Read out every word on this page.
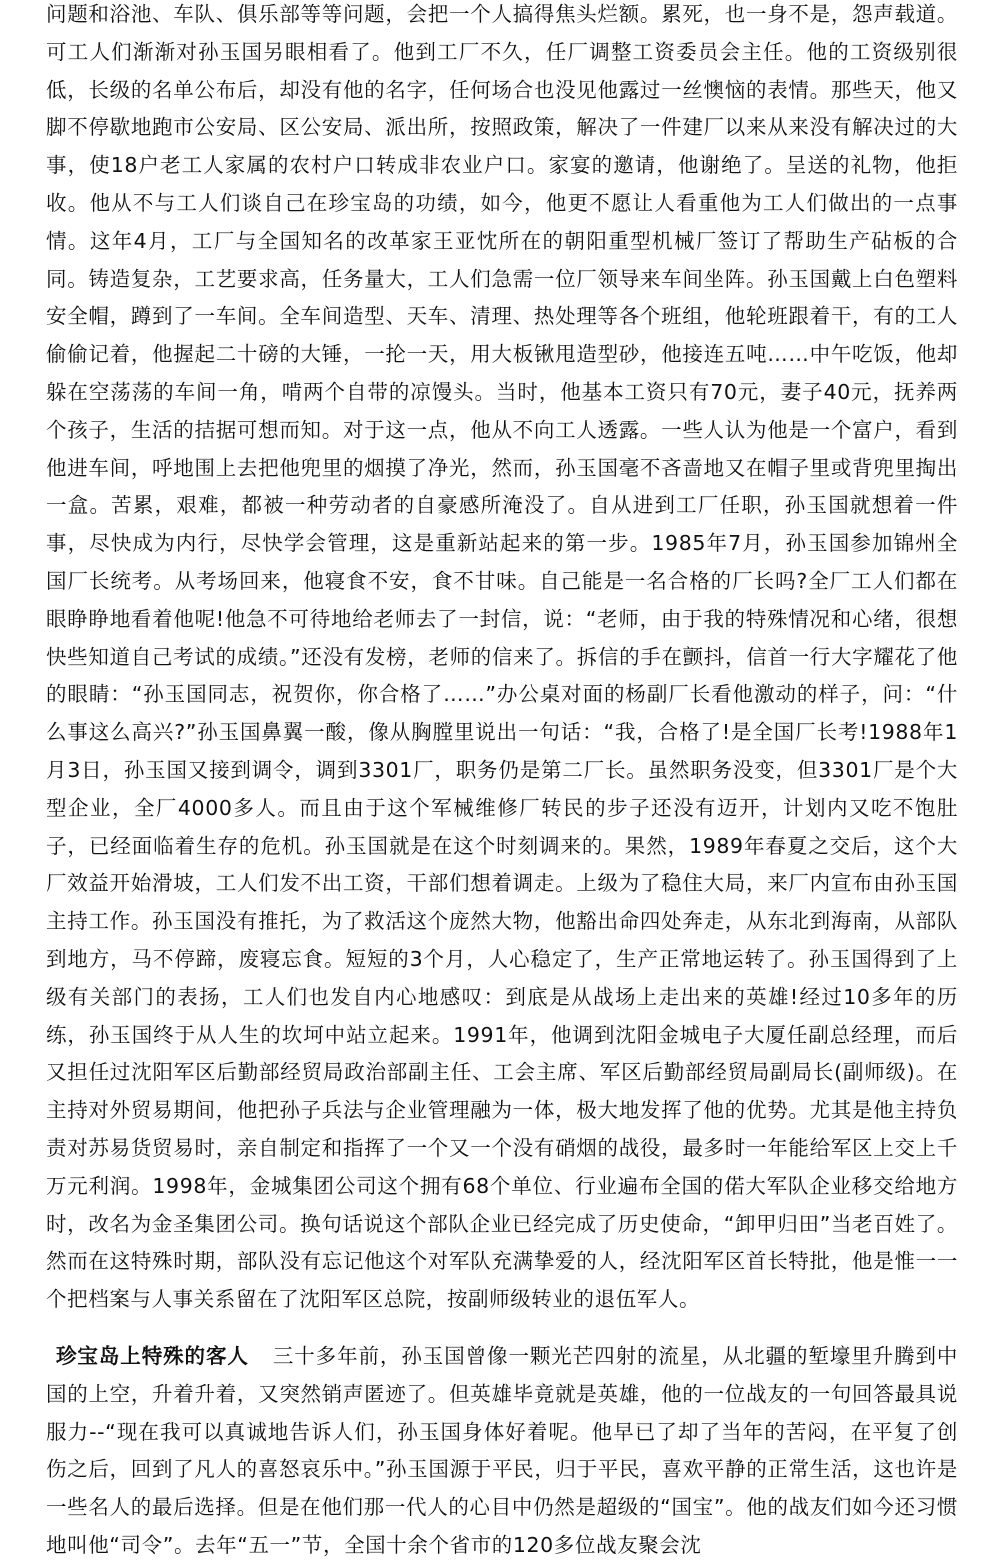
问题和浴池、车队、俱乐部等等问题，会把一个人搞得焦头烂额。累死，也一身不是，怨声载道。可工人们渐渐对孙玉国另眼相看了。他到工厂不久，任厂调整工资委员会主任。他的工资级别很低，长级的名单公布后，却没有他的名字，任何场合也没见他露过一丝懊恼的表情。那些天，他又脚不停歇地跑市公安局、区公安局、派出所，按照政策，解决了一件建厂以来从来没有解决过的大事，使18户老工人家属的农村户口转成非农业户口。家宴的邀请，他谢绝了。呈送的礼物，他拒收。他从不与工人们谈自己在珍宝岛的功绩，如今，他更不愿让人看重他为工人们做出的一点事情。这年4月，工厂与全国知名的改革家王亚忱所在的朝阳重型机械厂签订了帮助生产砧板的合同。铸造复杂，工艺要求高，任务量大，工人们急需一位厂领导来车间坐阵。孙玉国戴上白色塑料安全帽，蹲到了一车间。全车间造型、天车、清理、热处理等各个班组，他轮班跟着干，有的工人偷偷记着，他握起二十磅的大锤，一抡一天，用大板锹甩造型砂，他接连五吨……中午吃饭，他却躲在空荡荡的车间一角，啃两个自带的凉馒头。当时，他基本工资只有70元，妻子40元，抚养两个孩子，生活的拮据可想而知。对于这一点，他从不向工人透露。一些人认为他是一个富户，看到他进车间，呼地围上去把他兜里的烟摸了净光，然而，孙玉国毫不吝啬地又在帽子里或背兜里掏出一盒。苦累，艰难，都被一种劳动者的自豪感所淹没了。自从进到工厂任职，孙玉国就想着一件事，尽快成为内行，尽快学会管理，这是重新站起来的第一步。1985年7月，孙玉国参加锦州全国厂长统考。从考场回来，他寝食不安，食不甘味。自己能是一名合格的厂长吗?全厂工人们都在眼睁睁地看着他呢!他急不可待地给老师去了一封信，说：“老师，由于我的特殊情况和心绪，很想快些知道自己考试的成绩。”还没有发榜，老师的信来了。拆信的手在颤抖，信首一行大字耀花了他的眼睛：“孙玉国同志，祝贺你，你合格了……”办公桌对面的杨副厂长看他激动的样子，问：“什么事这么高兴?”孙玉国鼻翼一酸，像从胸膛里说出一句话：“我，合格了!是全国厂长考!1988年1月3日，孙玉国又接到调令，调到3301厂，职务仍是第二厂长。虽然职务没变，但3301厂是个大型企业，全厂4000多人。而且由于这个军械维修厂转民的步子还没有迈开，计划内又吃不饱肚子，已经面临着生存的危机。孙玉国就是在这个时刻调来的。果然，1989年春夏之交后，这个大厂效益开始滑坡，工人们发不出工资，干部们想着调走。上级为了稳住大局，来厂内宣布由孙玉国主持工作。孙玉国没有推托，为了救活这个庞然大物，他豁出命四处奔走，从东北到海南，从部队到地方，马不停蹄，废寝忘食。短短的3个月，人心稳定了，生产正常地运转了。孙玉国得到了上级有关部门的表扬，工人们也发自内心地感叹：到底是从战场上走出来的英雄!经过10多年的历练，孙玉国终于从人生的坎坷中站立起来。1991年，他调到沈阳金城电子大厦任副总经理，而后又担任过沈阳军区后勤部经贸局政治部副主任、工会主席、军区后勤部经贸局副局长(副师级)。在主持对外贸易期间，他把孙子兵法与企业管理融为一体，极大地发挥了他的优势。尤其是他主持负责对苏易货贸易时，亲自制定和指挥了一个又一个没有硝烟的战役，最多时一年能给军区上交上千万元利润。1998年，金城集团公司这个拥有68个单位、行业遍布全国的偌大军队企业移交给地方时，改名为金圣集团公司。换句话说这个部队企业已经完成了历史使命，“卸甲归田”当老百姓了。然而在这特殊时期，部队没有忘记他这个对军队充满挚爱的人，经沈阳军区首长特批，他是惟一一个把档案与人事关系留在了沈阳军区总院，按副师级转业的退伍军人。
珍宝岛上特殊的客人 三十多年前，孙玉国曾像一颗光芒四射的流星，从北疆的堑壕里升腾到中国的上空，升着升着，又突然销声匿迹了。但英雄毕竟就是英雄，他的一位战友的一句回答最具说服力--“现在我可以真诚地告诉人们，孙玉国身体好着呢。他早已了却了当年的苦闷，在平复了创伤之后，回到了凡人的喜怒哀乐中。”孙玉国源于平民，归于平民，喜欢平静的正常生活，这也许是一些名人的最后选择。但是在他们那一代人的心目中仍然是超级的“国宝”。他的战友们如今还习惯地叫他“司令”。去年“五一”节，全国十余个省市的120多位战友聚会沈
